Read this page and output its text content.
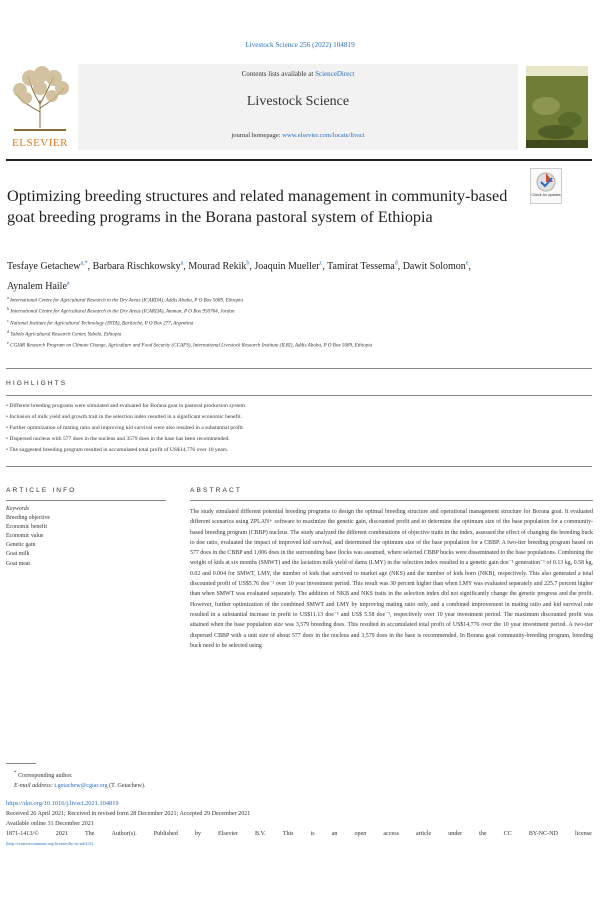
Livestock Science 256 (2022) 104819
ELSEVIER
Contents lists available at ScienceDirect
Livestock Science
journal homepage: www.elsevier.com/locate/livsci
Check for updates
Optimizing breeding structures and related management in community-based goat breeding programs in the Borana pastoral system of Ethiopia
Tesfaye Getachew$^{a,*}$, Barbara Rischkowsky$^a$, Mourad Rekik$^b$, Joaquin Mueller$^c$, Tamirat Tessema$^d$, Dawit Solomon$^e$, Aynalem Haile$^a$
$^a$ International Centre for Agricultural Research in the Dry Areas (ICARDA), Addis Ababa, P O Box 5689, Ethiopia
$^b$ International Centre for Agricultural Research in the Dry Areas (ICARDA), Amman, P O Box 950764, Jordan
$^c$ National Institute for Agricultural Technology (INTA), Bariloche, P O Box 277, Argentina
$^d$ Yabelo Agricultural Research Center, Yabelo, Ethiopia
$^e$ CGIAR Research Program on Climate Change, Agriculture and Food Security (CCAFS), International Livestock Research Institute (ILRI), Addis Ababa, P O Box 5689, Ethiopia
HIGHLIGHTS
• Different breeding programs were simulated and evaluated for Borana goat in pastoral production system.
• Inclusion of milk yield and growth trait in the selection index resulted in a significant economic benefit.
• Further optimization of mating ratio and improving kid survival were also resulted in a substantial profit.
• Dispersed nucleus with 577 does in the nucleus and 3579 does in the base has been recommended.
• The suggested breeding program resulted in accumulated total profit of US$14,776 over 10 years.
ARTICLE INFO
Keywords
Breeding objective
Economic benefit
Economic value
Genetic gain
Goat milk
Goat meat
ABSTRACT
The study simulated different potential breeding programs to design the optimal breeding structure and operational management structure for Borana goat. It evaluated different scenarios using ZPLAN+ software to maximize the genetic gain, discounted profit and to determine the optimum size of the base population for a community-based breeding program (CBBP) nucleus. The study analyzed the different combinations of objective traits in the index, assessed the effect of changing the breeding buck to doe ratio, evaluated the impact of improved kid survival, and determined the optimum size of the base population for a CBBP. A two-tier breeding program based on 577 does in the CBBP and 1,006 does in the surrounding base flocks was assumed, where selected CBBP bucks were disseminated to the base populations. Combining the weight of kids at six months (SMWT) and the lactation milk yield of dams (LMY) in the selection index resulted in a genetic gain doe⁻¹ generation⁻¹ of 0.13 kg, 0.58 kg, 0.02 and 0.004 for SMWT, LMY, the number of kids that survived to market age (NKS) and the number of kids born (NKB), respectively. This also generated a total discounted profit of US$5.76 doe⁻¹ over 10 year investment period. This result was 30 percent higher than when LMY was evaluated separately and 225.7 percent higher than when SMWT was evaluated separately. The addition of NKB and NKS traits in the selection index did not significantly change the genetic progress and the profit. However, further optimization of the combined SMWT and LMY by improving mating ratio only, and a combined improvement in mating ratio and kid survival rate resulted in a substantial increase in profit to US$11.13 doe⁻¹ and US$ 5.58 doe⁻¹, respectively over 10 year investment period. The maximum discounted profit was attained when the base population size was 3,579 breeding does. This resulted in accumulated total profit of US$14,776 over the 10 year investment period. A two-tier dispersed CBBP with a unit size of about 577 does in the nucleus and 3,579 does in the base is recommended. In Borana goat community-breeding program, breeding buck need to be selected using
* Corresponding author.
E-mail address: t.getachew@cgiar.org (T. Getachew).
https://doi.org/10.1016/j.livsci.2021.104819
Received 26 April 2021; Received in revised form 28 December 2021; Accepted 29 December 2021
Available online 31 December 2021
1871-1413/©	2021	The	Author(s).	Published	by	Elsevier	B.V.	This	is	an	open	access	article	under	the	CC	BY-NC-ND	license
(http://creativecommons.org/licenses/by-nc-nd/4.0/).
